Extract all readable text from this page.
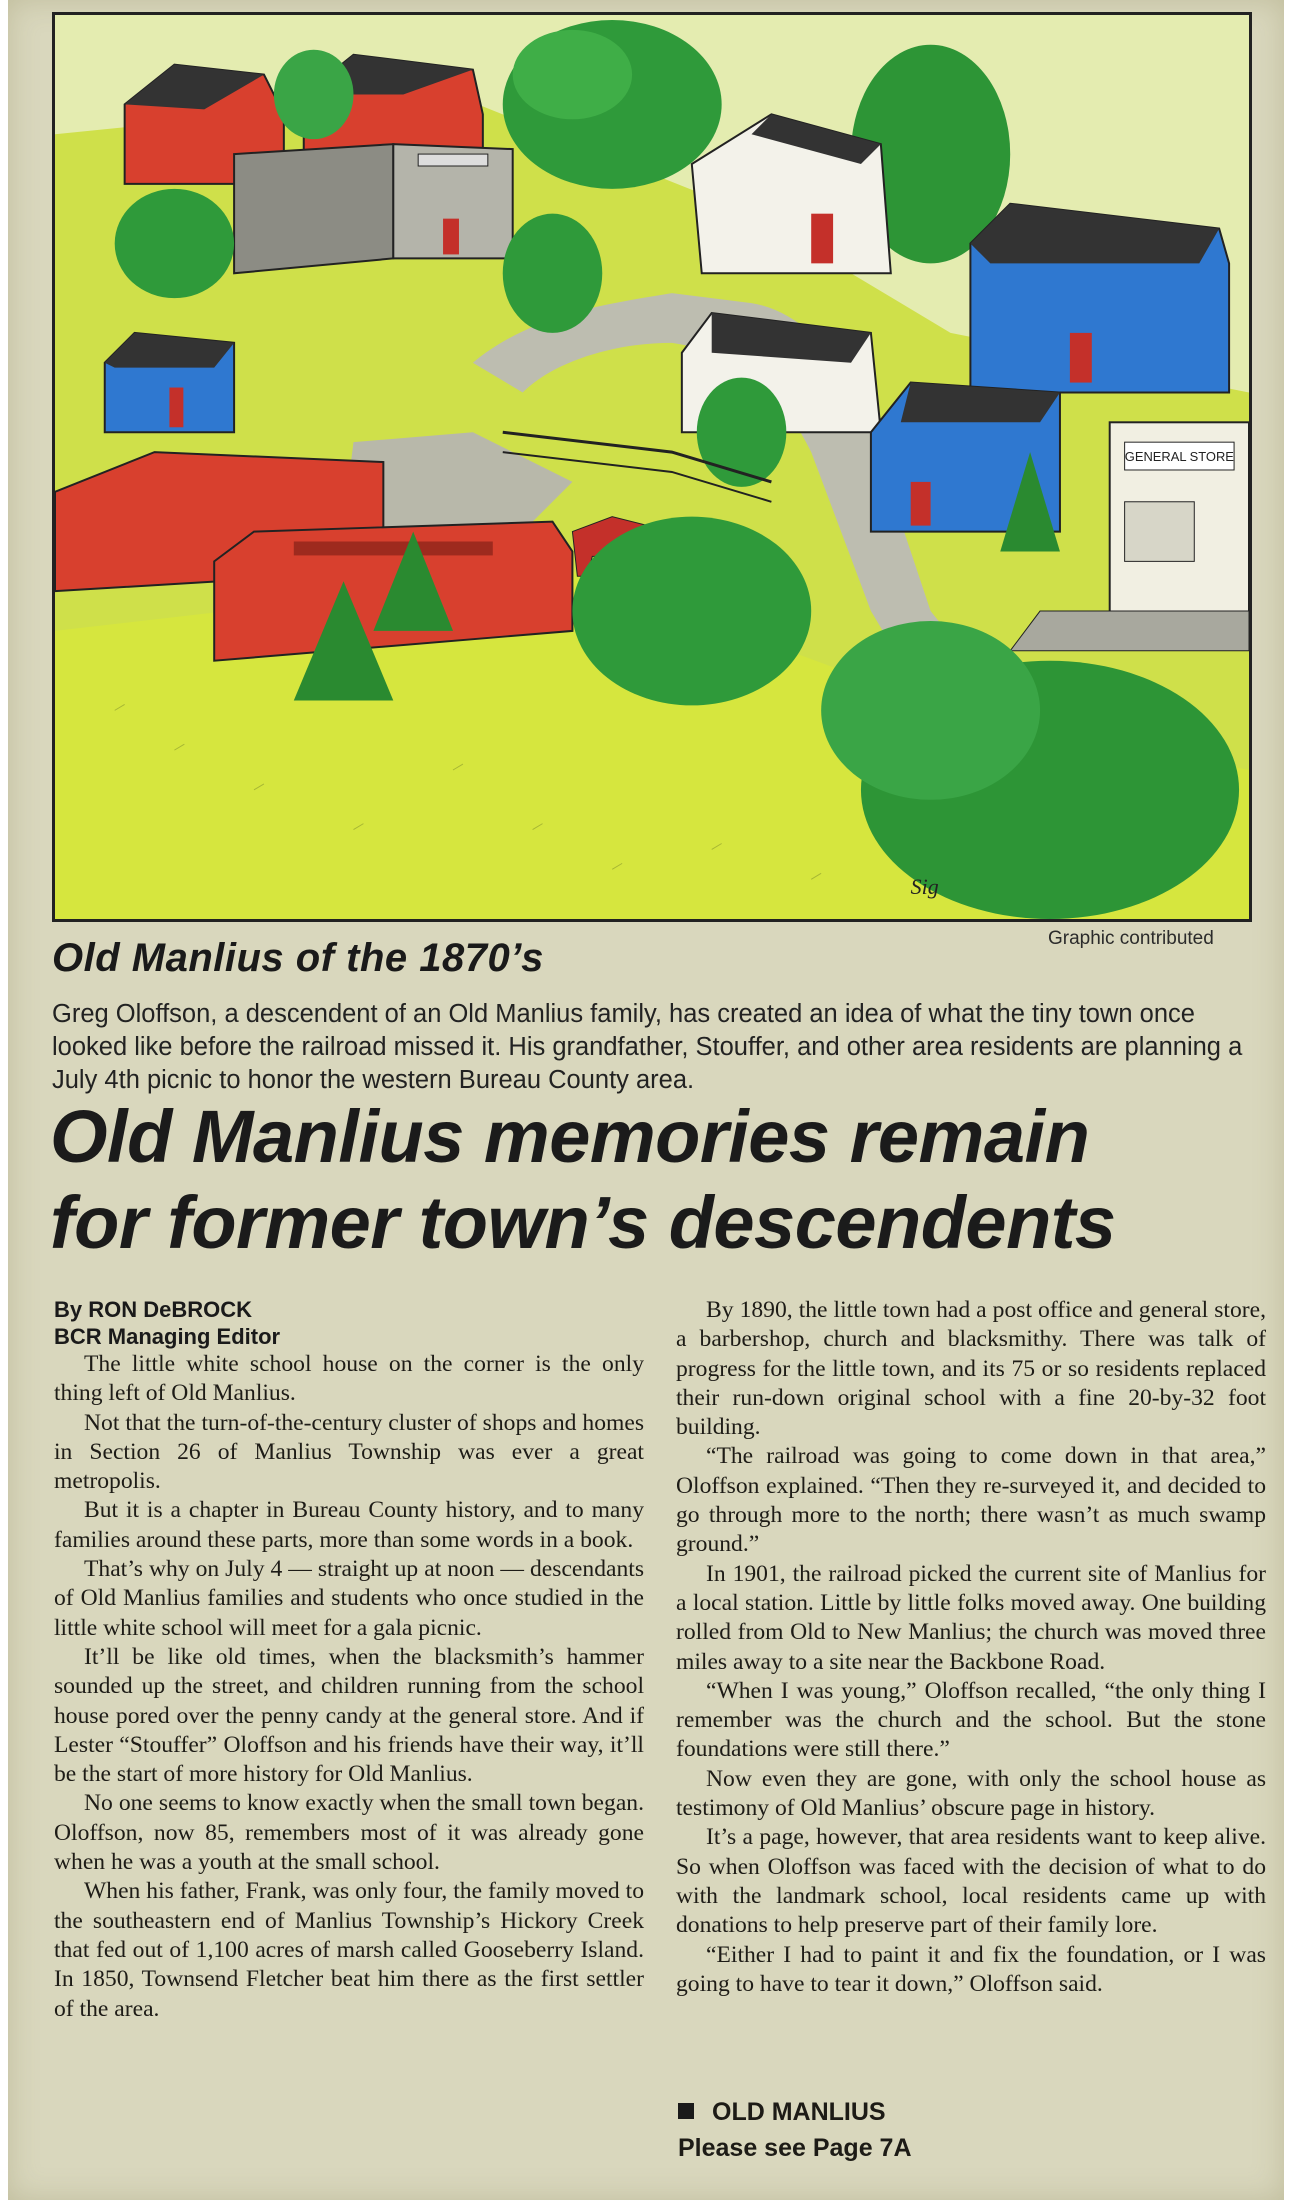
GENERAL STORE
Sig
Graphic contributed
Old Manlius of the 1870’s
Greg Oloffson, a descendent of an Old Manlius family, has created an idea of what the tiny town once looked like before the railroad missed it. His grandfather, Stouffer, and other area residents are planning a July 4th picnic to honor the western Bureau County area.
Old Manlius memories remain
for former town’s descendents
By RON DeBROCK
BCR Managing Editor

The little white school house on the corner is the only thing left of Old Manlius.

Not that the turn-of-the-century cluster of shops and homes in Section 26 of Manlius Township was ever a great metropolis.

But it is a chapter in Bureau County history, and to many families around these parts, more than some words in a book.

That’s why on July 4 — straight up at noon — descendants of Old Manlius families and students who once studied in the little white school will meet for a gala picnic.

It’ll be like old times, when the blacksmith’s hammer sounded up the street, and children running from the school house pored over the penny candy at the general store. And if Lester “Stouffer” Oloffson and his friends have their way, it’ll be the start of more history for Old Manlius.

No one seems to know exactly when the small town began. Oloffson, now 85, remembers most of it was already gone when he was a youth at the small school.

When his father, Frank, was only four, the family moved to the southeastern end of Manlius Township’s Hickory Creek that fed out of 1,100 acres of marsh called Gooseberry Island. In 1850, Townsend Fletcher beat him there as the first settler of the area.

By 1890, the little town had a post office and general store, a barbershop, church and blacksmithy. There was talk of progress for the little town, and its 75 or so residents replaced their run-down original school with a fine 20-by-32 foot building.

“The railroad was going to come down in that area,” Oloffson explained. “Then they re-surveyed it, and decided to go through more to the north; there wasn’t as much swamp ground.”

In 1901, the railroad picked the current site of Manlius for a local station. Little by little folks moved away. One building rolled from Old to New Manlius; the church was moved three miles away to a site near the Backbone Road.

“When I was young,” Oloffson recalled, “the only thing I remember was the church and the school. But the stone foundations were still there.”

Now even they are gone, with only the school house as testimony of Old Manlius’ obscure page in history.

It’s a page, however, that area residents want to keep alive. So when Oloffson was faced with the decision of what to do with the landmark school, local residents came up with donations to help preserve part of their family lore.

“Either I had to paint it and fix the foundation, or I was going to have to tear it down,” Oloffson said.

OLD MANLIUS
Please see Page 7A
